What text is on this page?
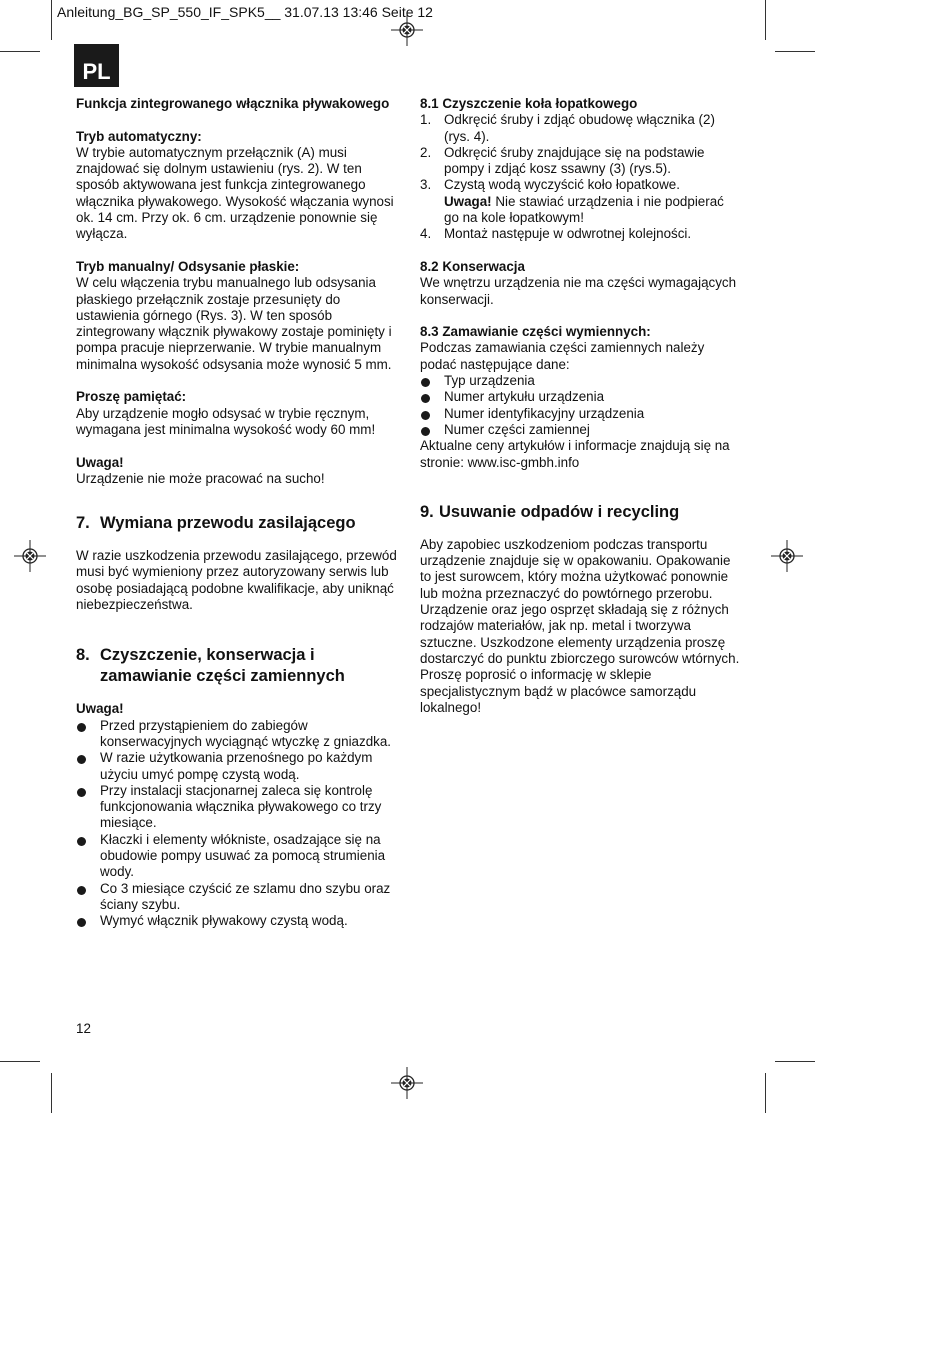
Anleitung_BG_SP_550_IF_SPK5__ 31.07.13 13:46 Seite 12
PL

Funkcja zintegrowanego włącznika pływakowego

Tryb automatyczny:

W trybie automatycznym przełącznik (A) musi

znajdować się dolnym ustawieniu (rys. 2). W ten

sposób aktywowana jest funkcja zintegrowanego

włącznika pływakowego. Wysokość włączania wynosi

ok. 14 cm. Przy ok. 6 cm. urządzenie ponownie się

wyłącza.

Tryb manualny/ Odsysanie płaskie:

W celu włączenia trybu manualnego lub odsysania

płaskiego przełącznik zostaje przesunięty do

ustawienia górnego (Rys. 3). W ten sposób

zintegrowany włącznik pływakowy zostaje pominięty i

pompa pracuje nieprzerwanie. W trybie manualnym

minimalna wysokość odsysania może wynosić 5 mm.

Proszę pamiętać:

Aby urządzenie mogło odsysać w trybie ręcznym,

wymagana jest minimalna wysokość wody 60 mm!

Uwaga!

Urządzenie nie może pracować na sucho!

7. Wymiana przewodu zasilającego

W razie uszkodzenia przewodu zasilającego, przewód

musi być wymieniony przez autoryzowany serwis lub

osobę posiadającą podobne kwalifikacje, aby uniknąć

niebezpieczeństwa.

8. Czyszczenie, konserwacja i
zamawianie części zamiennych

Uwaga!

Przed przystąpieniem do zabiegów

konserwacyjnych wyciągnąć wtyczkę z gniazdka.

W razie użytkowania przenośnego po każdym

użyciu umyć pompę czystą wodą.

Przy instalacji stacjonarnej zaleca się kontrolę

funkcjonowania włącznika pływakowego co trzy

miesiące.

Kłaczki i elementy włókniste, osadzające się na

obudowie pompy usuwać za pomocą strumienia

wody.

Co 3 miesiące czyścić ze szlamu dno szybu oraz

ściany szybu.

Wymyć włącznik pływakowy czystą wodą.

8.1 Czyszczenie koła łopatkowego

1. Odkręcić śruby i zdjąć obudowę włącznika (2)

(rys. 4).

2. Odkręcić śruby znajdujące się na podstawie

pompy i zdjąć kosz ssawny (3) (rys.5).

3. Czystą wodą wyczyścić koło łopatkowe.

Uwaga! Nie stawiać urządzenia i nie podpierać

go na kole łopatkowym!

4. Montaż następuje w odwrotnej kolejności.

8.2 Konserwacja

We wnętrzu urządzenia nie ma części wymagających

konserwacji.

8.3 Zamawianie części wymiennych:

Podczas zamawiania części zamiennych należy

podać następujące dane:

Typ urządzenia

Numer artykułu urządzenia

Numer identyfikacyjny urządzenia

Numer części zamiennej

Aktualne ceny artykułów i informacje znajdują się na

stronie: www.isc-gmbh.info

9. Usuwanie odpadów i recycling

Aby zapobiec uszkodzeniom podczas transportu

urządzenie znajduje się w opakowaniu. Opakowanie

to jest surowcem, który można użytkować ponownie

lub można przeznaczyć do powtórnego przerobu.

Urządzenie oraz jego osprzęt składają się z różnych

rodzajów materiałów, jak np. metal i tworzywa

sztuczne. Uszkodzone elementy urządzenia proszę

dostarczyć do punktu zbiorczego surowców wtórnych.

Proszę poprosić o informację w sklepie

specjalistycznym bądź w placówce samorządu

lokalnego!

12
